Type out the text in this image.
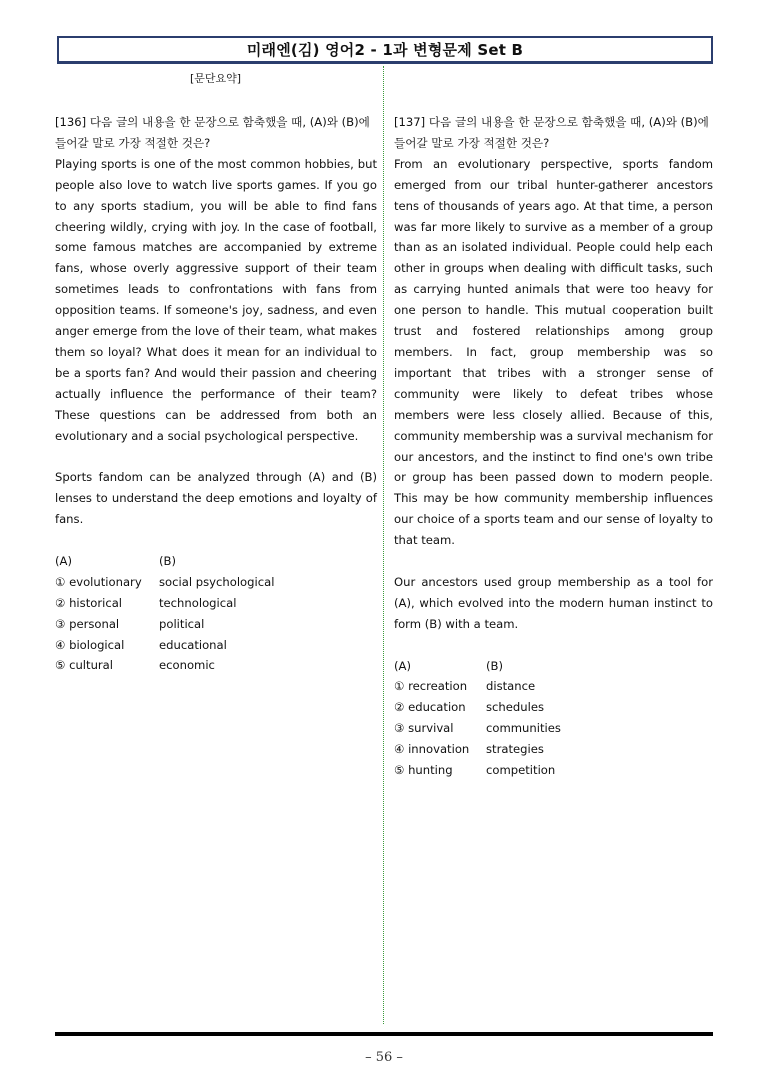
미래엔(김) 영어2 - 1과 변형문제 Set B
[문단요약]

[136] 다음 글의 내용을 한 문장으로 함축했을 때, (A)와 (B)에 들어갈 말로 가장 적절한 것은?

Playing sports is one of the most common hobbies, but people also love to watch live sports games. If you go to any sports stadium, you will be able to find fans cheering wildly, crying with joy. In the case of football, some famous matches are accompanied by extreme fans, whose overly aggressive support of their team sometimes leads to confrontations with fans from opposition teams. If someone's joy, sadness, and even anger emerge from the love of their team, what makes them so loyal? What does it mean for an individual to be a sports fan? And would their passion and cheering actually influence the performance of their team? These questions can be addressed from both an evolutionary and a social psychological perspective.

Sports fandom can be analyzed through (A) and (B) lenses to understand the deep emotions and loyalty of fans.

(A)	(B)
① evolutionary	social psychological
② historical	technological
③ personal	political
④ biological	educational
⑤ cultural	economic

[137] 다음 글의 내용을 한 문장으로 함축했을 때, (A)와 (B)에 들어갈 말로 가장 적절한 것은?

From an evolutionary perspective, sports fandom emerged from our tribal hunter-gatherer ancestors tens of thousands of years ago. At that time, a person was far more likely to survive as a member of a group than as an isolated individual. People could help each other in groups when dealing with difficult tasks, such as carrying hunted animals that were too heavy for one person to handle. This mutual cooperation built trust and fostered relationships among group members. In fact, group membership was so important that tribes with a stronger sense of community were likely to defeat tribes whose members were less closely allied. Because of this, community membership was a survival mechanism for our ancestors, and the instinct to find one's own tribe or group has been passed down to modern people. This may be how community membership influences our choice of a sports team and our sense of loyalty to that team.

Our ancestors used group membership as a tool for (A), which evolved into the modern human instinct to form (B) with a team.

(A)	(B)
① recreation	distance
② education	schedules
③ survival	communities
④ innovation	strategies
⑤ hunting	competition
– 56 –
